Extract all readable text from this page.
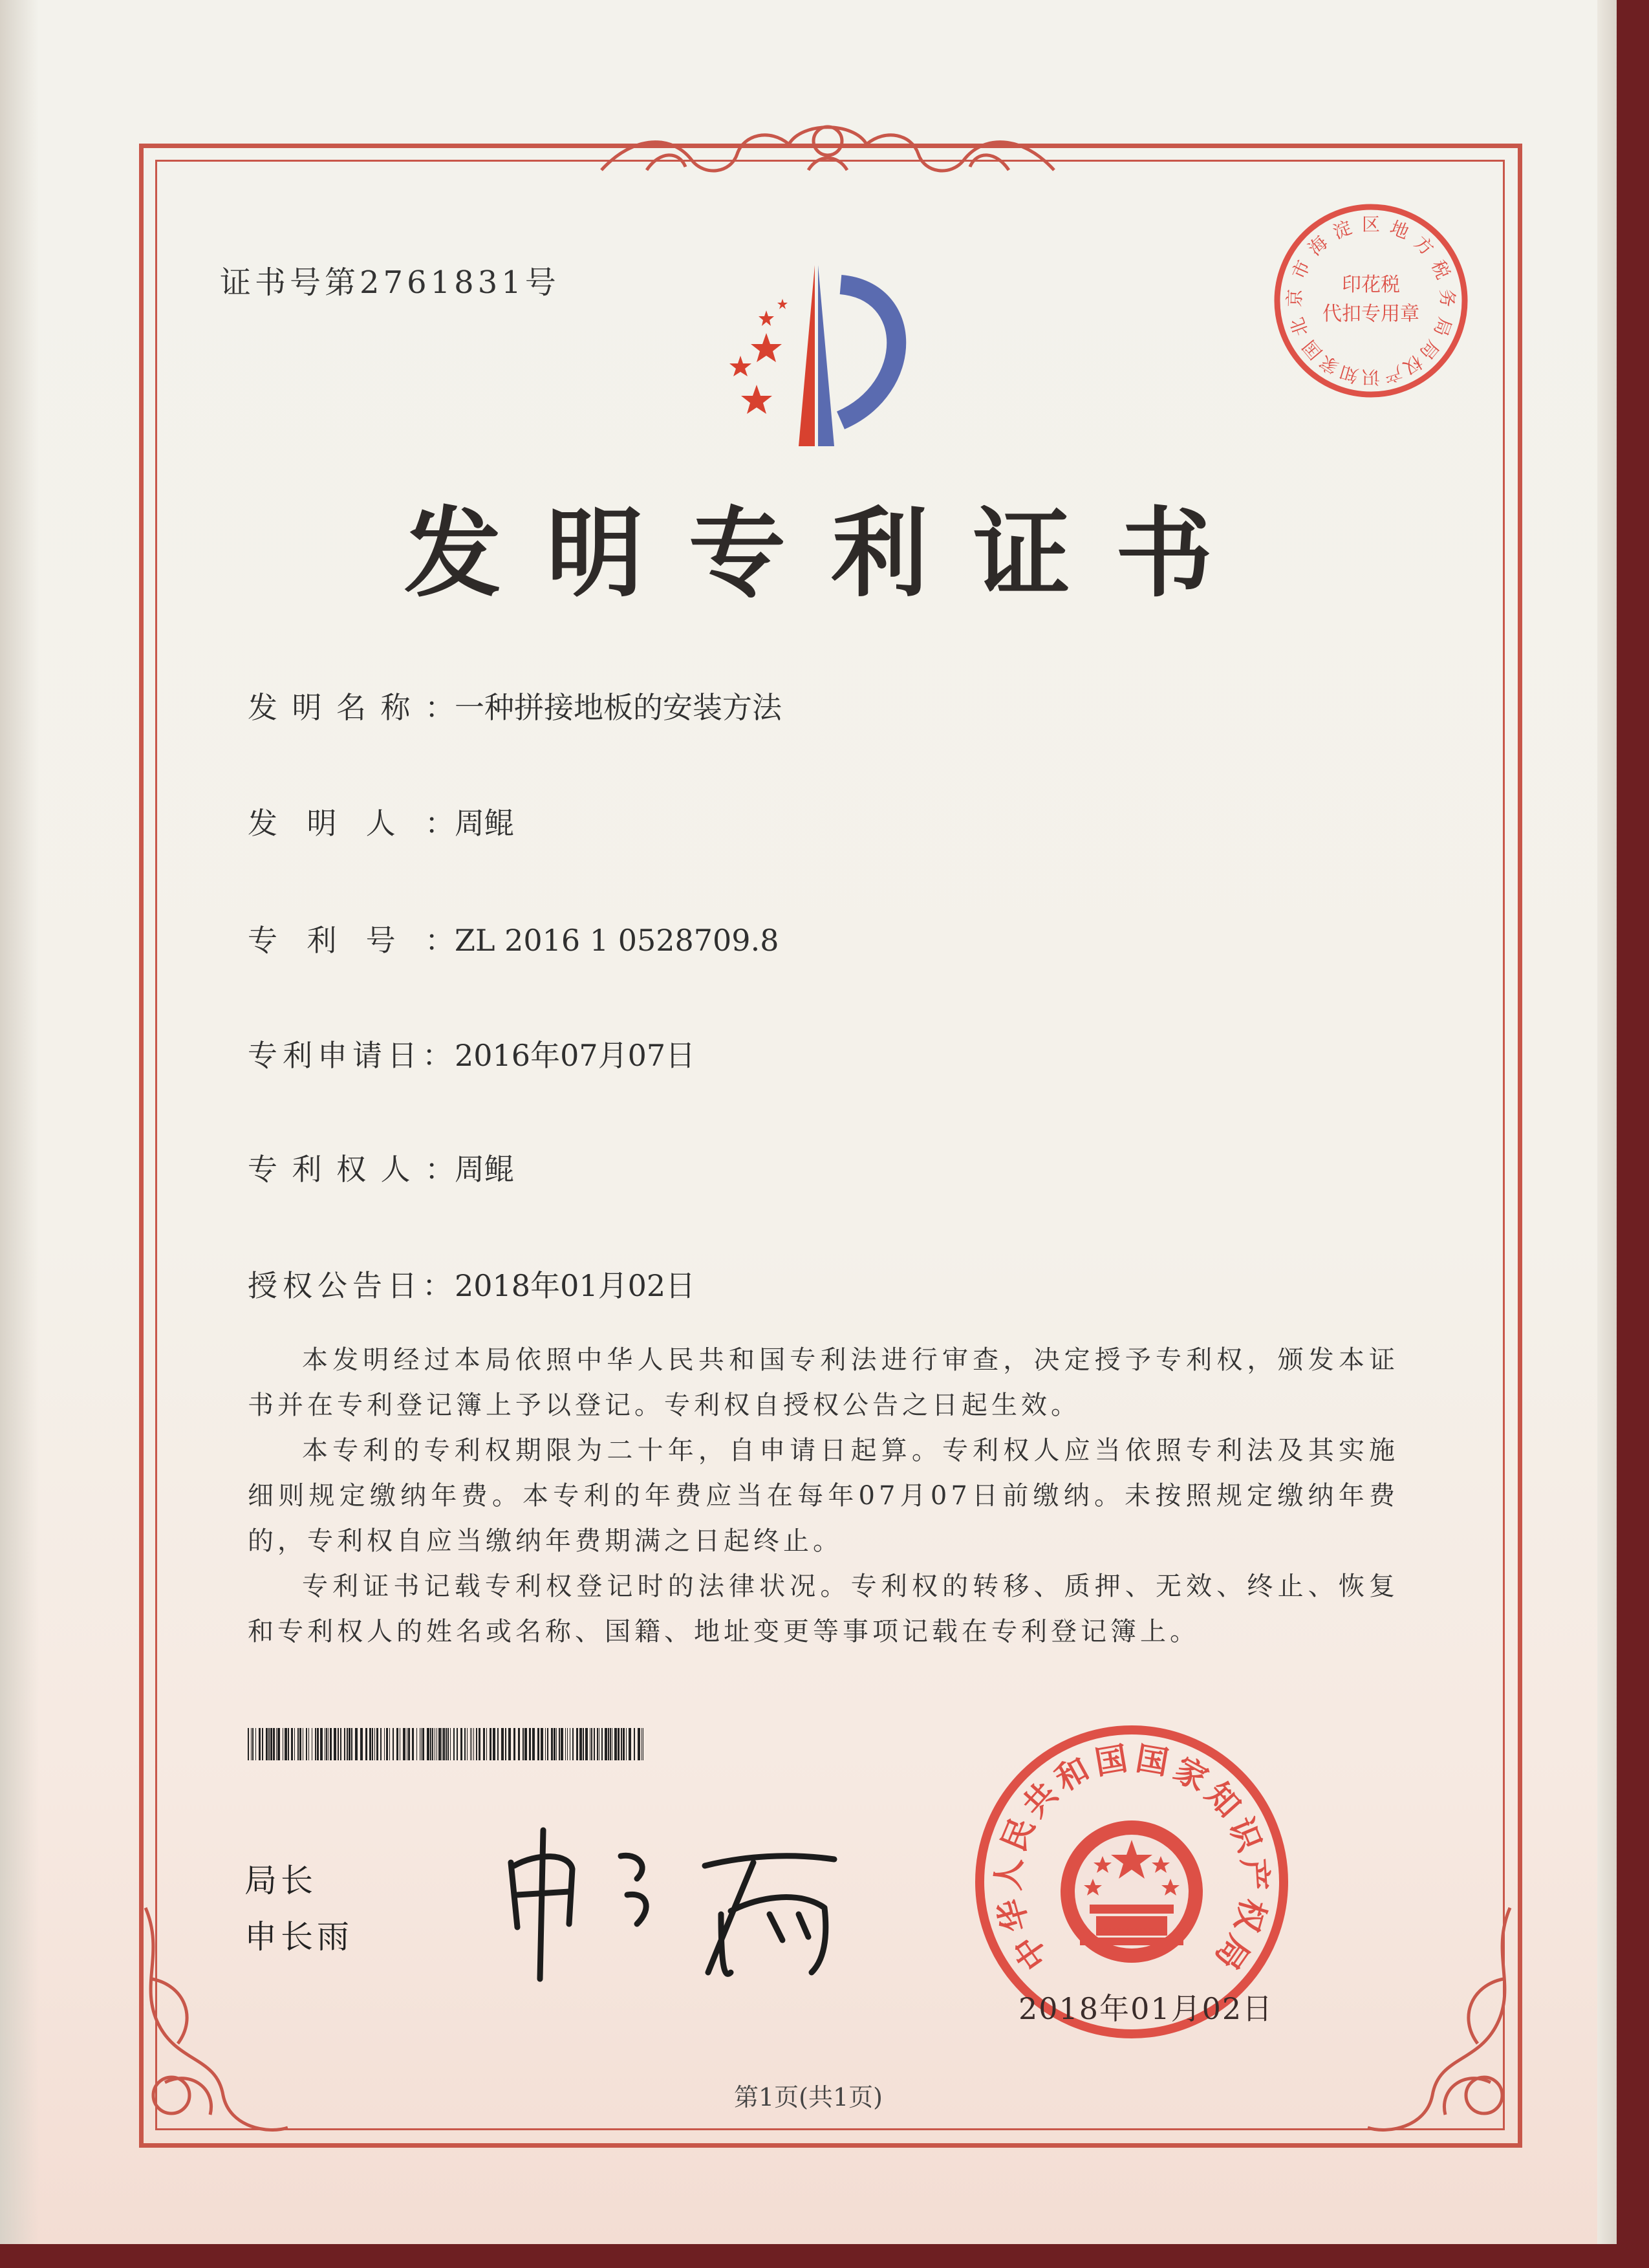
证书号第2761831号	印花税
代扣专用章
北
京
市
海
淀 区 地
方
税
务
局
国
家
知 识 产
权
局
发明专利证书
发明名称：一种拼接地板的安装方法
发明人：周鲲
专利号：ZL 2016 1 0528709.8
专利申请日：2016年07月07日
专利权人：周鲲
授权公告日：2018年01月02日
本发明经过本局依照中华人民共和国专利法进行审查，决定授予专利权，颁发本证书并在专利登记簿上予以登记。专利权自授权公告之日起生效。
本专利的专利权期限为二十年，自申请日起算。专利权人应当依照专利法及其实施细则规定缴纳年费。本专利的年费应当在每年07月07日前缴纳。未按照规定缴纳年费的，专利权自应当缴纳年费期满之日起终止。
专利证书记载专利权登记时的法律状况。专利权的转移、质押、无效、终止、恢复和专利权人的姓名或名称、国籍、地址变更等事项记载在专利登记簿上。
局长
申长雨	中
华
人
民
共
和
国 国
家
知
识
产
权
局
2018年01月02日
第1页(共1页)
